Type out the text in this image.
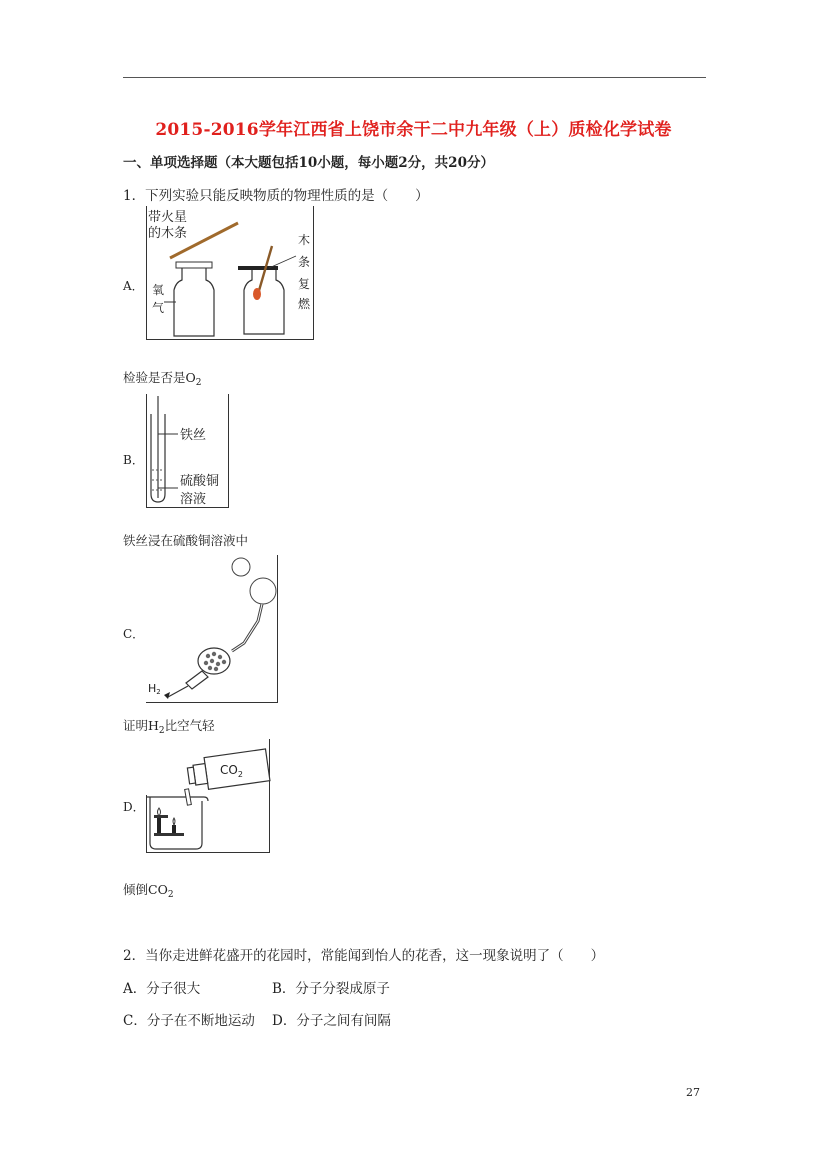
2015-2016学年江西省上饶市余干二中九年级（上）质检化学试卷
一、单项选择题（本大题包括10小题，每小题2分，共20分）
1．下列实验只能反映物质的物理性质的是（　　）
A．
带火星
的木条
氧
气
木
条
复
燃
检验是否是$O_2$
B．
铁丝
硫酸铜
溶液
铁丝浸在硫酸铜溶液中
C．
H2
证明$H_2$比空气轻
D．
$CO_2$
倾倒$CO_2$
2．当你走进鲜花盛开的花园时，常能闻到怡人的花香，这一现象说明了（　　）
A．分子很大	B．分子分裂成原子
C．分子在不断地运动 D．分子之间有间隔
27
